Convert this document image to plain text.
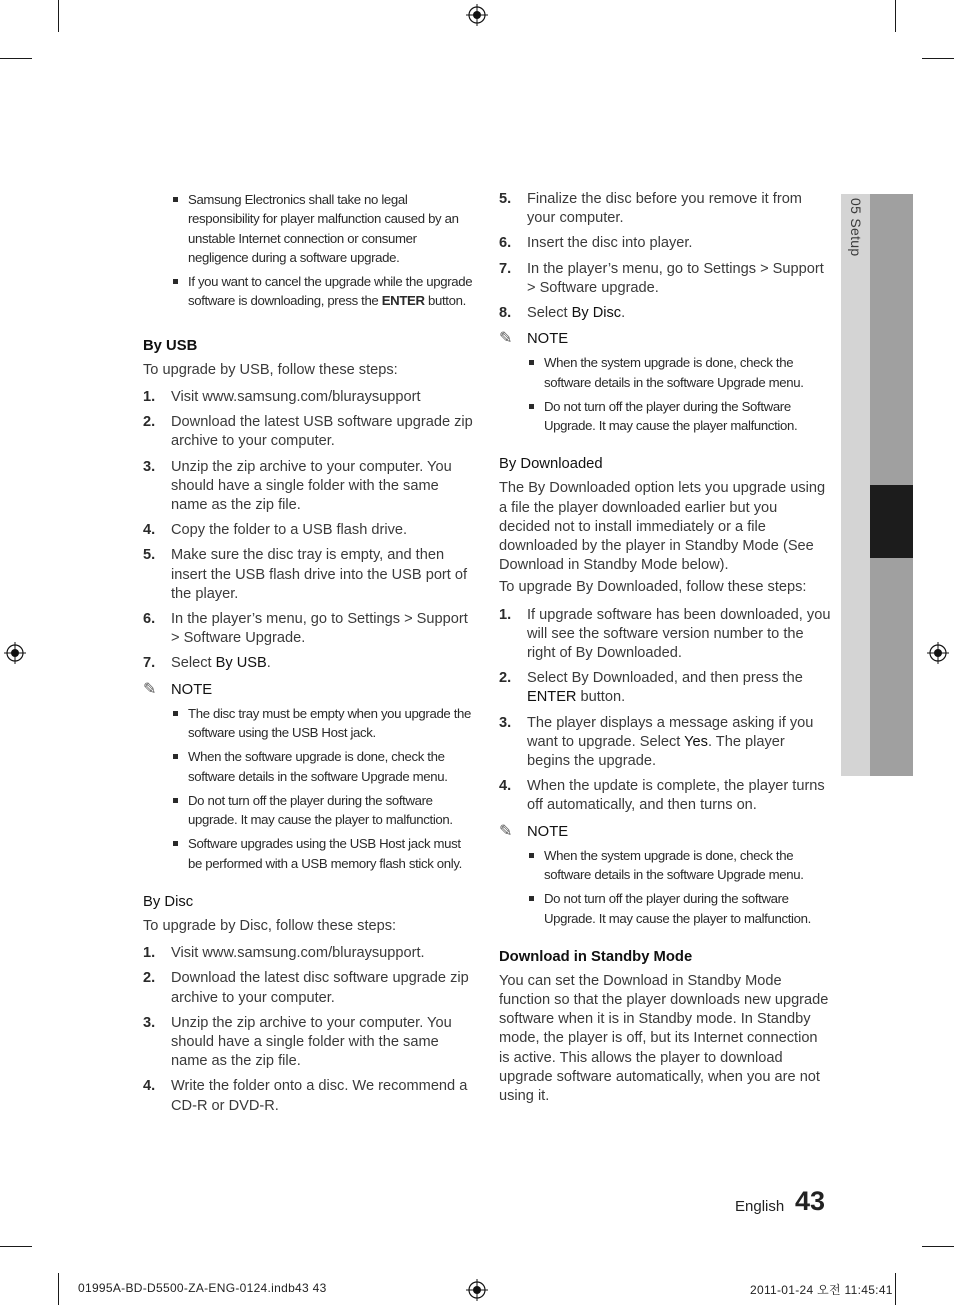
05 Setup
Samsung Electronics shall take no legal responsibility for player malfunction caused by an unstable Internet connection or consumer negligence during a software upgrade.
If you want to cancel the upgrade while the upgrade software is downloading, press the ENTER button.
By USB
To upgrade by USB, follow these steps:
1. Visit www.samsung.com/bluraysupport
2. Download the latest USB software upgrade zip archive to your computer.
3. Unzip the zip archive to your computer. You should have a single folder with the same name as the zip file.
4. Copy the folder to a USB flash drive.
5. Make sure the disc tray is empty, and then insert the USB flash drive into the USB port of the player.
6. In the player’s menu, go to Settings > Support > Software Upgrade.
7. Select By USB.
✎ NOTE
The disc tray must be empty when you upgrade the software using the USB Host jack.
When the software upgrade is done, check the software details in the software Upgrade menu.
Do not turn off the player during the software upgrade. It may cause the player to malfunction.
Software upgrades using the USB Host jack must be performed with a USB memory flash stick only.
By Disc
To upgrade by Disc, follow these steps:
1. Visit www.samsung.com/bluraysupport.
2. Download the latest disc software upgrade zip archive to your computer.
3. Unzip the zip archive to your computer. You should have a single folder with the same name as the zip file.
4. Write the folder onto a disc. We recommend a CD-R or DVD-R.
5. Finalize the disc before you remove it from your computer.
6. Insert the disc into player.
7. In the player’s menu, go to Settings > Support > Software upgrade.
8. Select By Disc.
✎ NOTE
When the system upgrade is done, check the software details in the software Upgrade menu.
Do not turn off the player during the Software Upgrade. It may cause the player malfunction.
By Downloaded
The By Downloaded option lets you upgrade using a file the player downloaded earlier but you decided not to install immediately or a file downloaded by the player in Standby Mode (See Download in Standby Mode below).
To upgrade By Downloaded, follow these steps:
1. If upgrade software has been downloaded, you will see the software version number to the right of By Downloaded.
2. Select By Downloaded, and then press the ENTER button.
3. The player displays a message asking if you want to upgrade. Select Yes. The player begins the upgrade.
4. When the update is complete, the player turns off automatically, and then turns on.
✎ NOTE
When the system upgrade is done, check the software details in the software Upgrade menu.
Do not turn off the player during the software Upgrade. It may cause the player to malfunction.
Download in Standby Mode
You can set the Download in Standby Mode function so that the player downloads new upgrade software when it is in Standby mode. In Standby mode, the player is off, but its Internet connection is active. This allows the player to download upgrade software automatically, when you are not using it.
English 43
01995A-BD-D5500-ZA-ENG-0124.indb43 43	2011-01-24 오전 11:45:41
